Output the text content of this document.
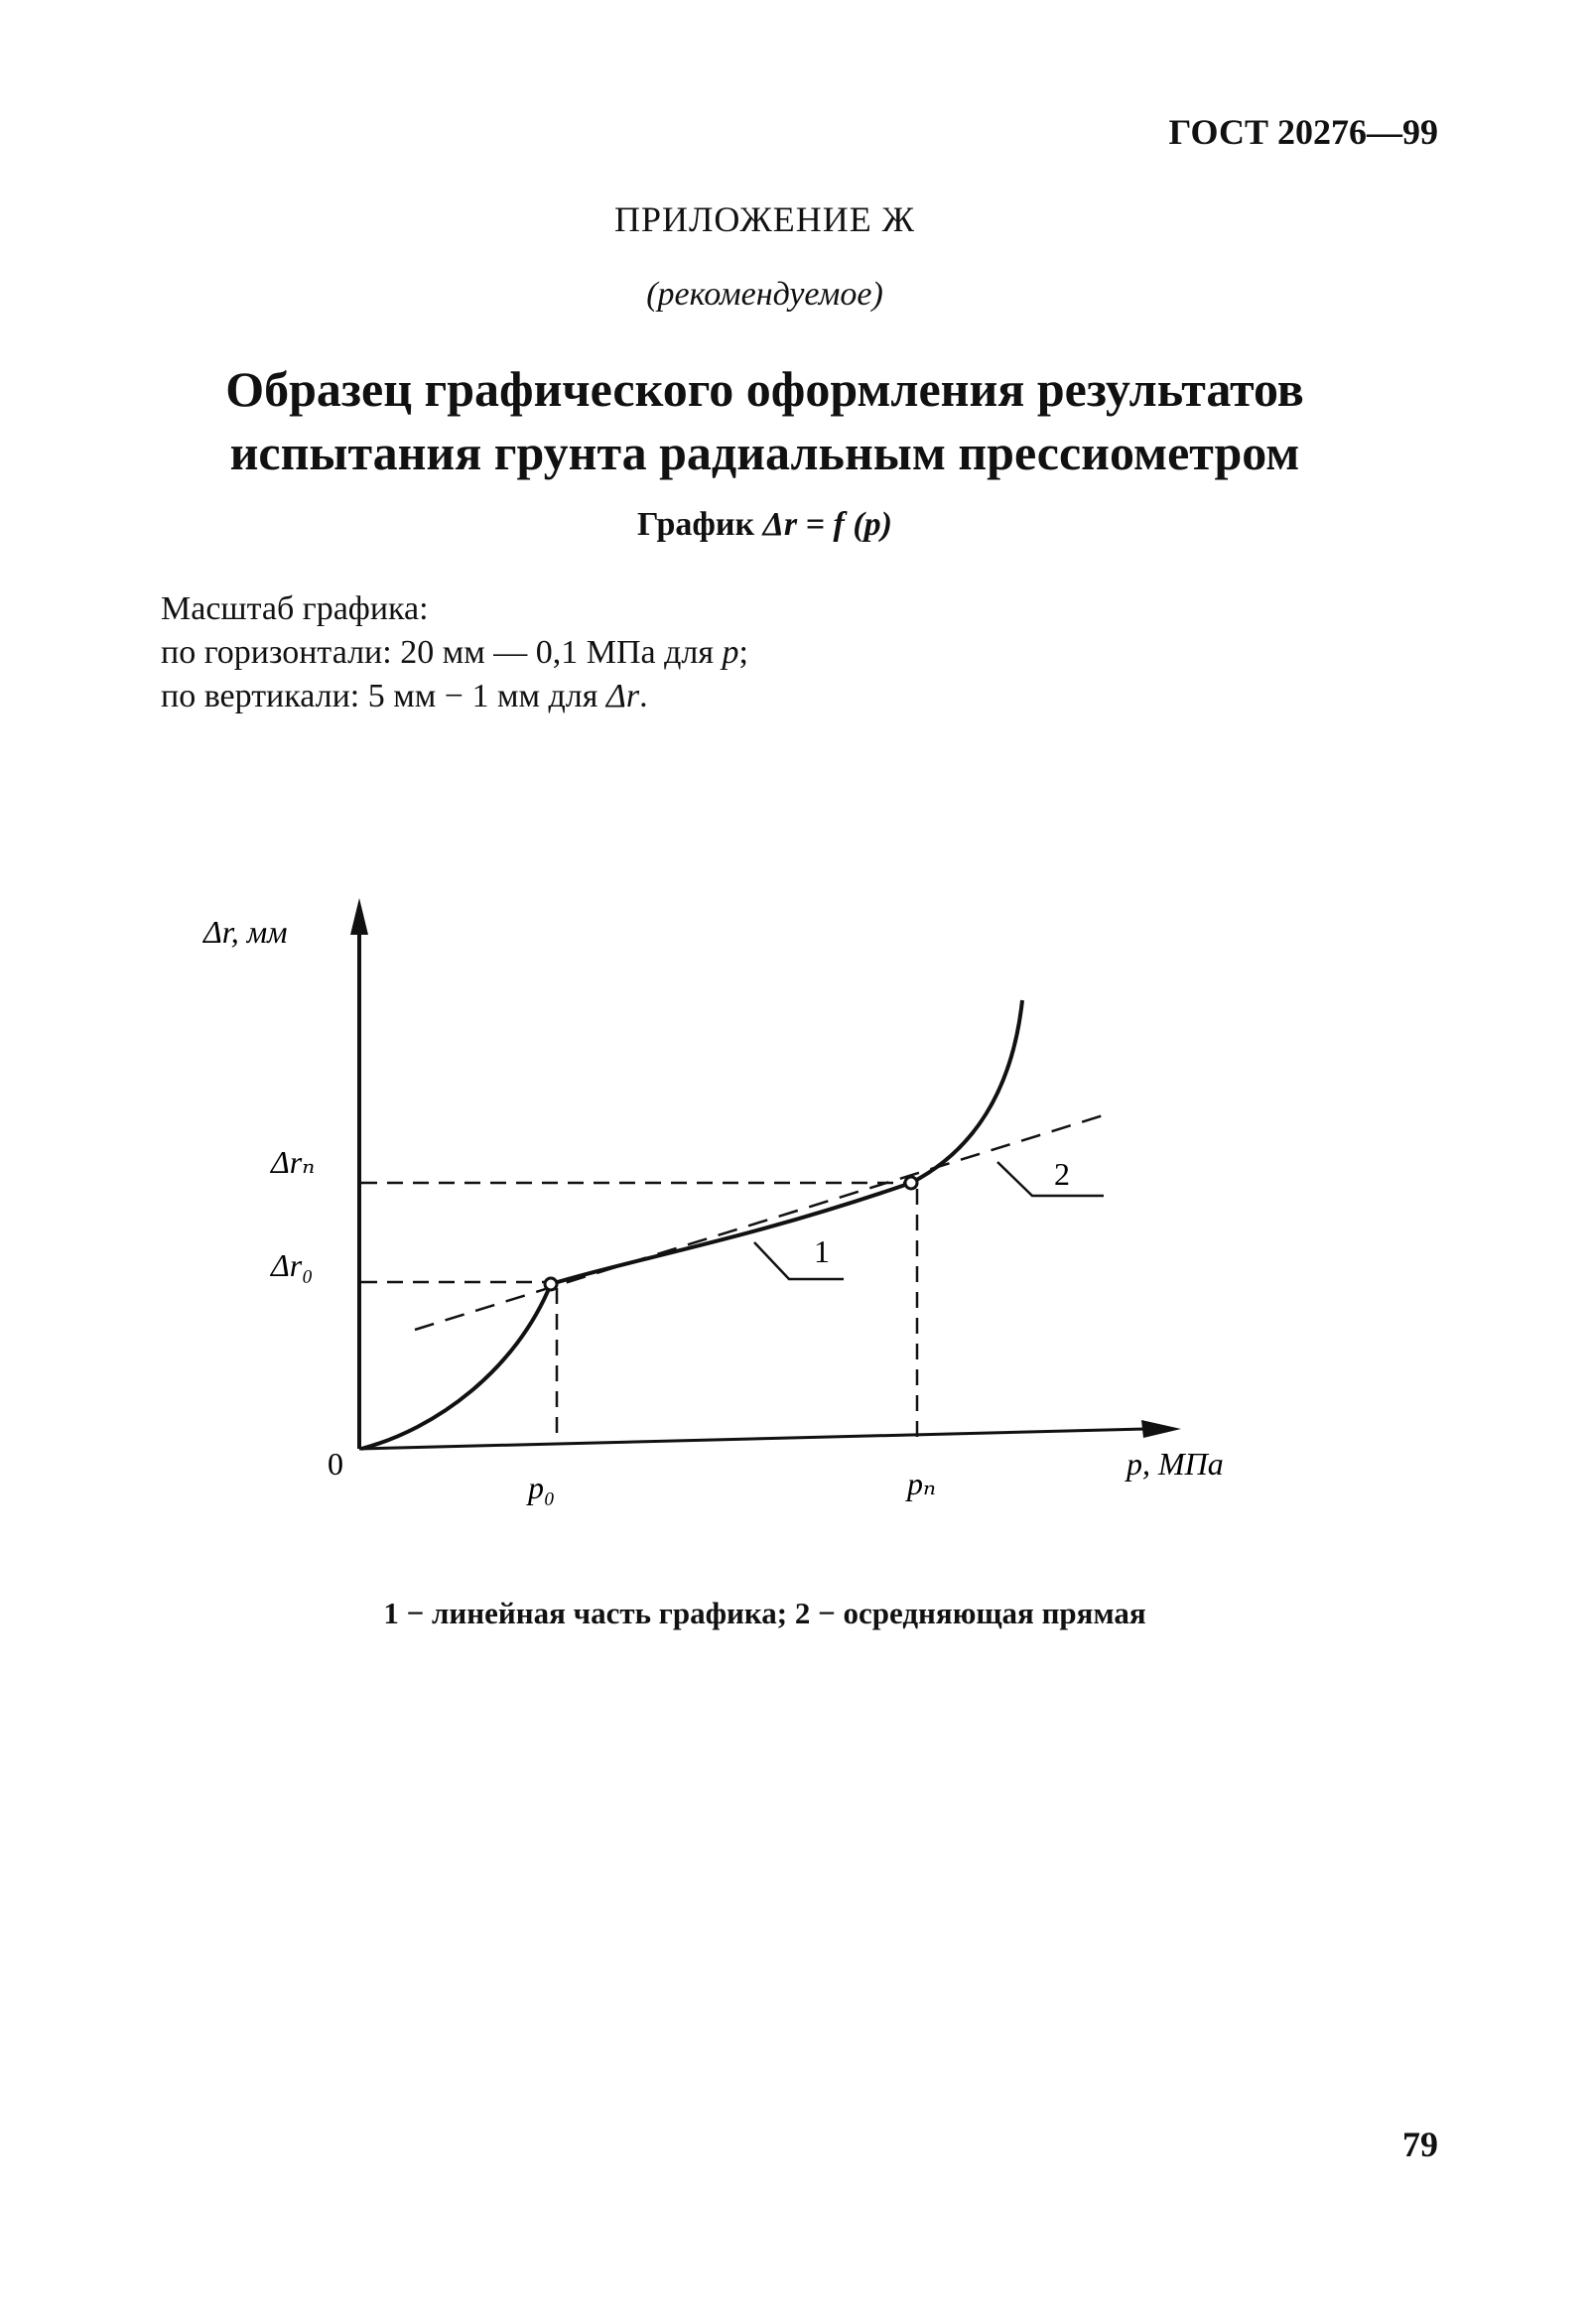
ГОСТ 20276—99
ПРИЛОЖЕНИЕ Ж
(рекомендуемое)
Образец графического оформления результатов
испытания грунта радиальным прессиометром
График Δr = f (p)
Масштаб графика:
по горизонтали: 20 мм — 0,1 МПа для p;
по вертикали: 5 мм − 1 мм для Δr.
Δr, мм
Δrₙ
Δr₀
0
p₀	pₙ
p, МПа
1
2
1 − линейная часть графика; 2 − осредняющая прямая
79
